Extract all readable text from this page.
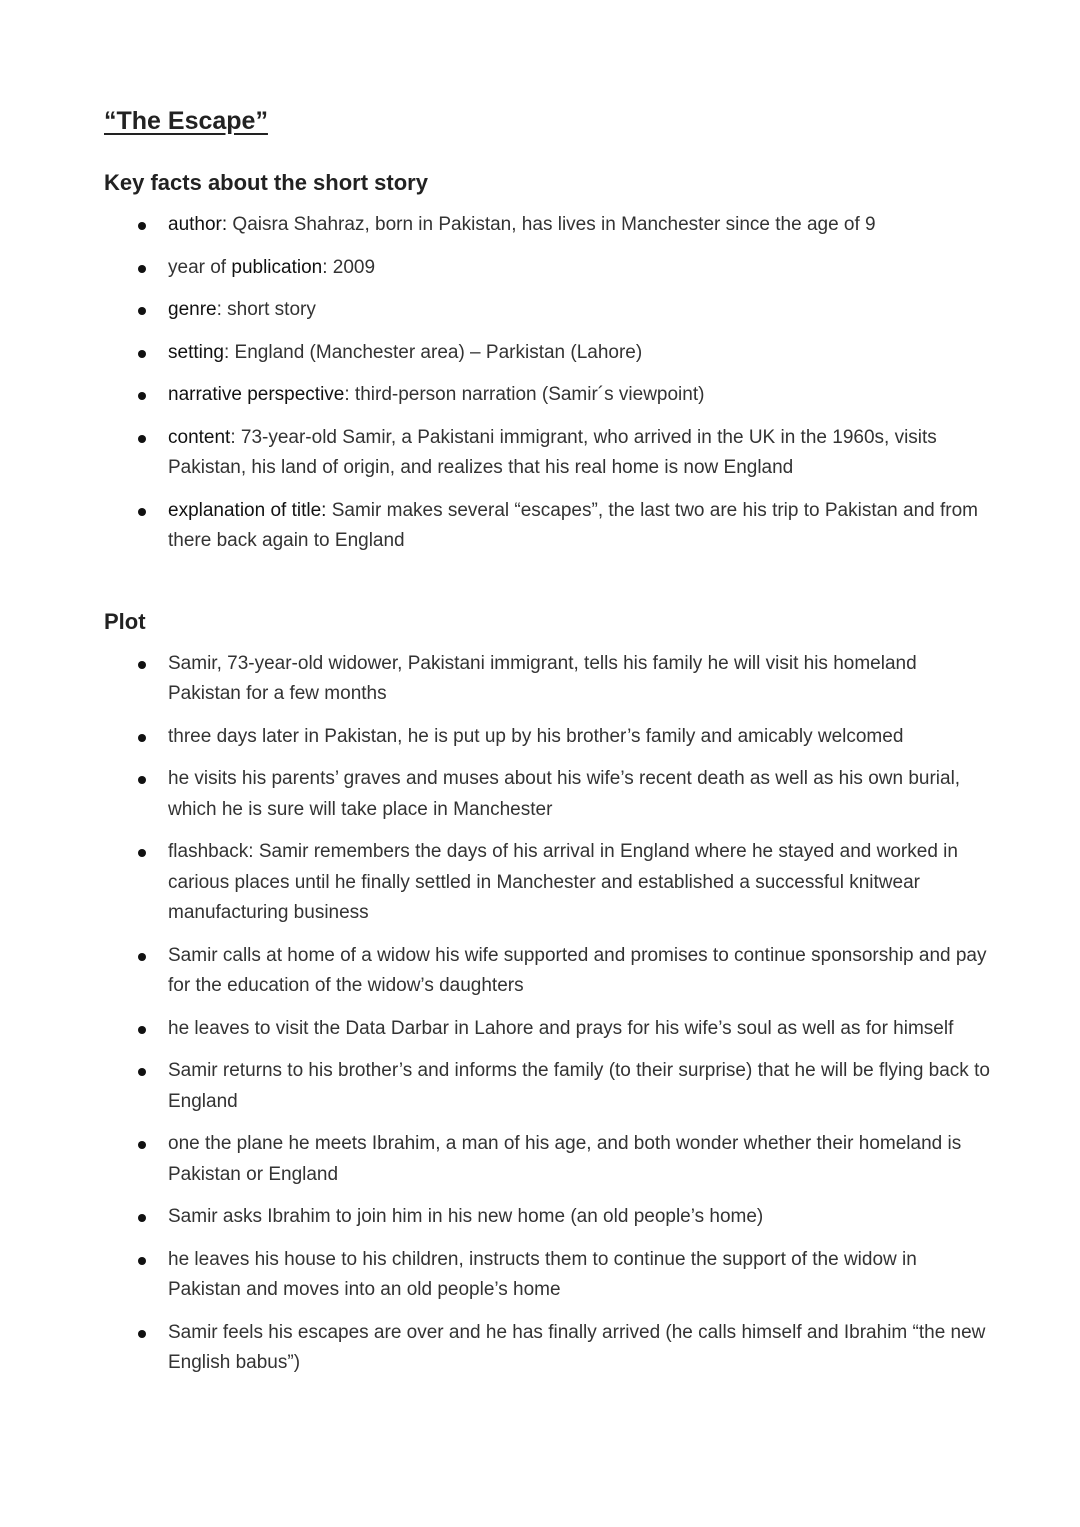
“The Escape”
Key facts about the short story
author: Qaisra Shahraz, born in Pakistan, has lives in Manchester since the age of 9
year of publication: 2009
genre: short story
setting: England (Manchester area) – Parkistan (Lahore)
narrative perspective: third-person narration (Samir´s viewpoint)
content: 73-year-old Samir, a Pakistani immigrant, who arrived in the UK in the 1960s, visits Pakistan, his land of origin, and realizes that his real home is now England
explanation of title: Samir makes several “escapes”, the last two are his trip to Pakistan and from there back again to England
Plot
Samir, 73-year-old widower, Pakistani immigrant, tells his family he will visit his homeland Pakistan for a few months
three days later in Pakistan, he is put up by his brother’s family and amicably welcomed
he visits his parents’ graves and muses about his wife’s recent death as well as his own burial, which he is sure will take place in Manchester
flashback: Samir remembers the days of his arrival in England where he stayed and worked in carious places until he finally settled in Manchester and established a successful knitwear manufacturing business
Samir calls at home of a widow his wife supported and promises to continue sponsorship and pay for the education of the widow’s daughters
he leaves to visit the Data Darbar in Lahore and prays for his wife’s soul as well as for himself
Samir returns to his brother’s and informs the family (to their surprise) that he will be flying back to England
one the plane he meets Ibrahim, a man of his age, and both wonder whether their homeland is Pakistan or England
Samir asks Ibrahim to join him in his new home (an old people’s home)
he leaves his house to his children, instructs them to continue the support of the widow in Pakistan and moves into an old people’s home
Samir feels his escapes are over and he has finally arrived (he calls himself and Ibrahim “the new English babus”)
